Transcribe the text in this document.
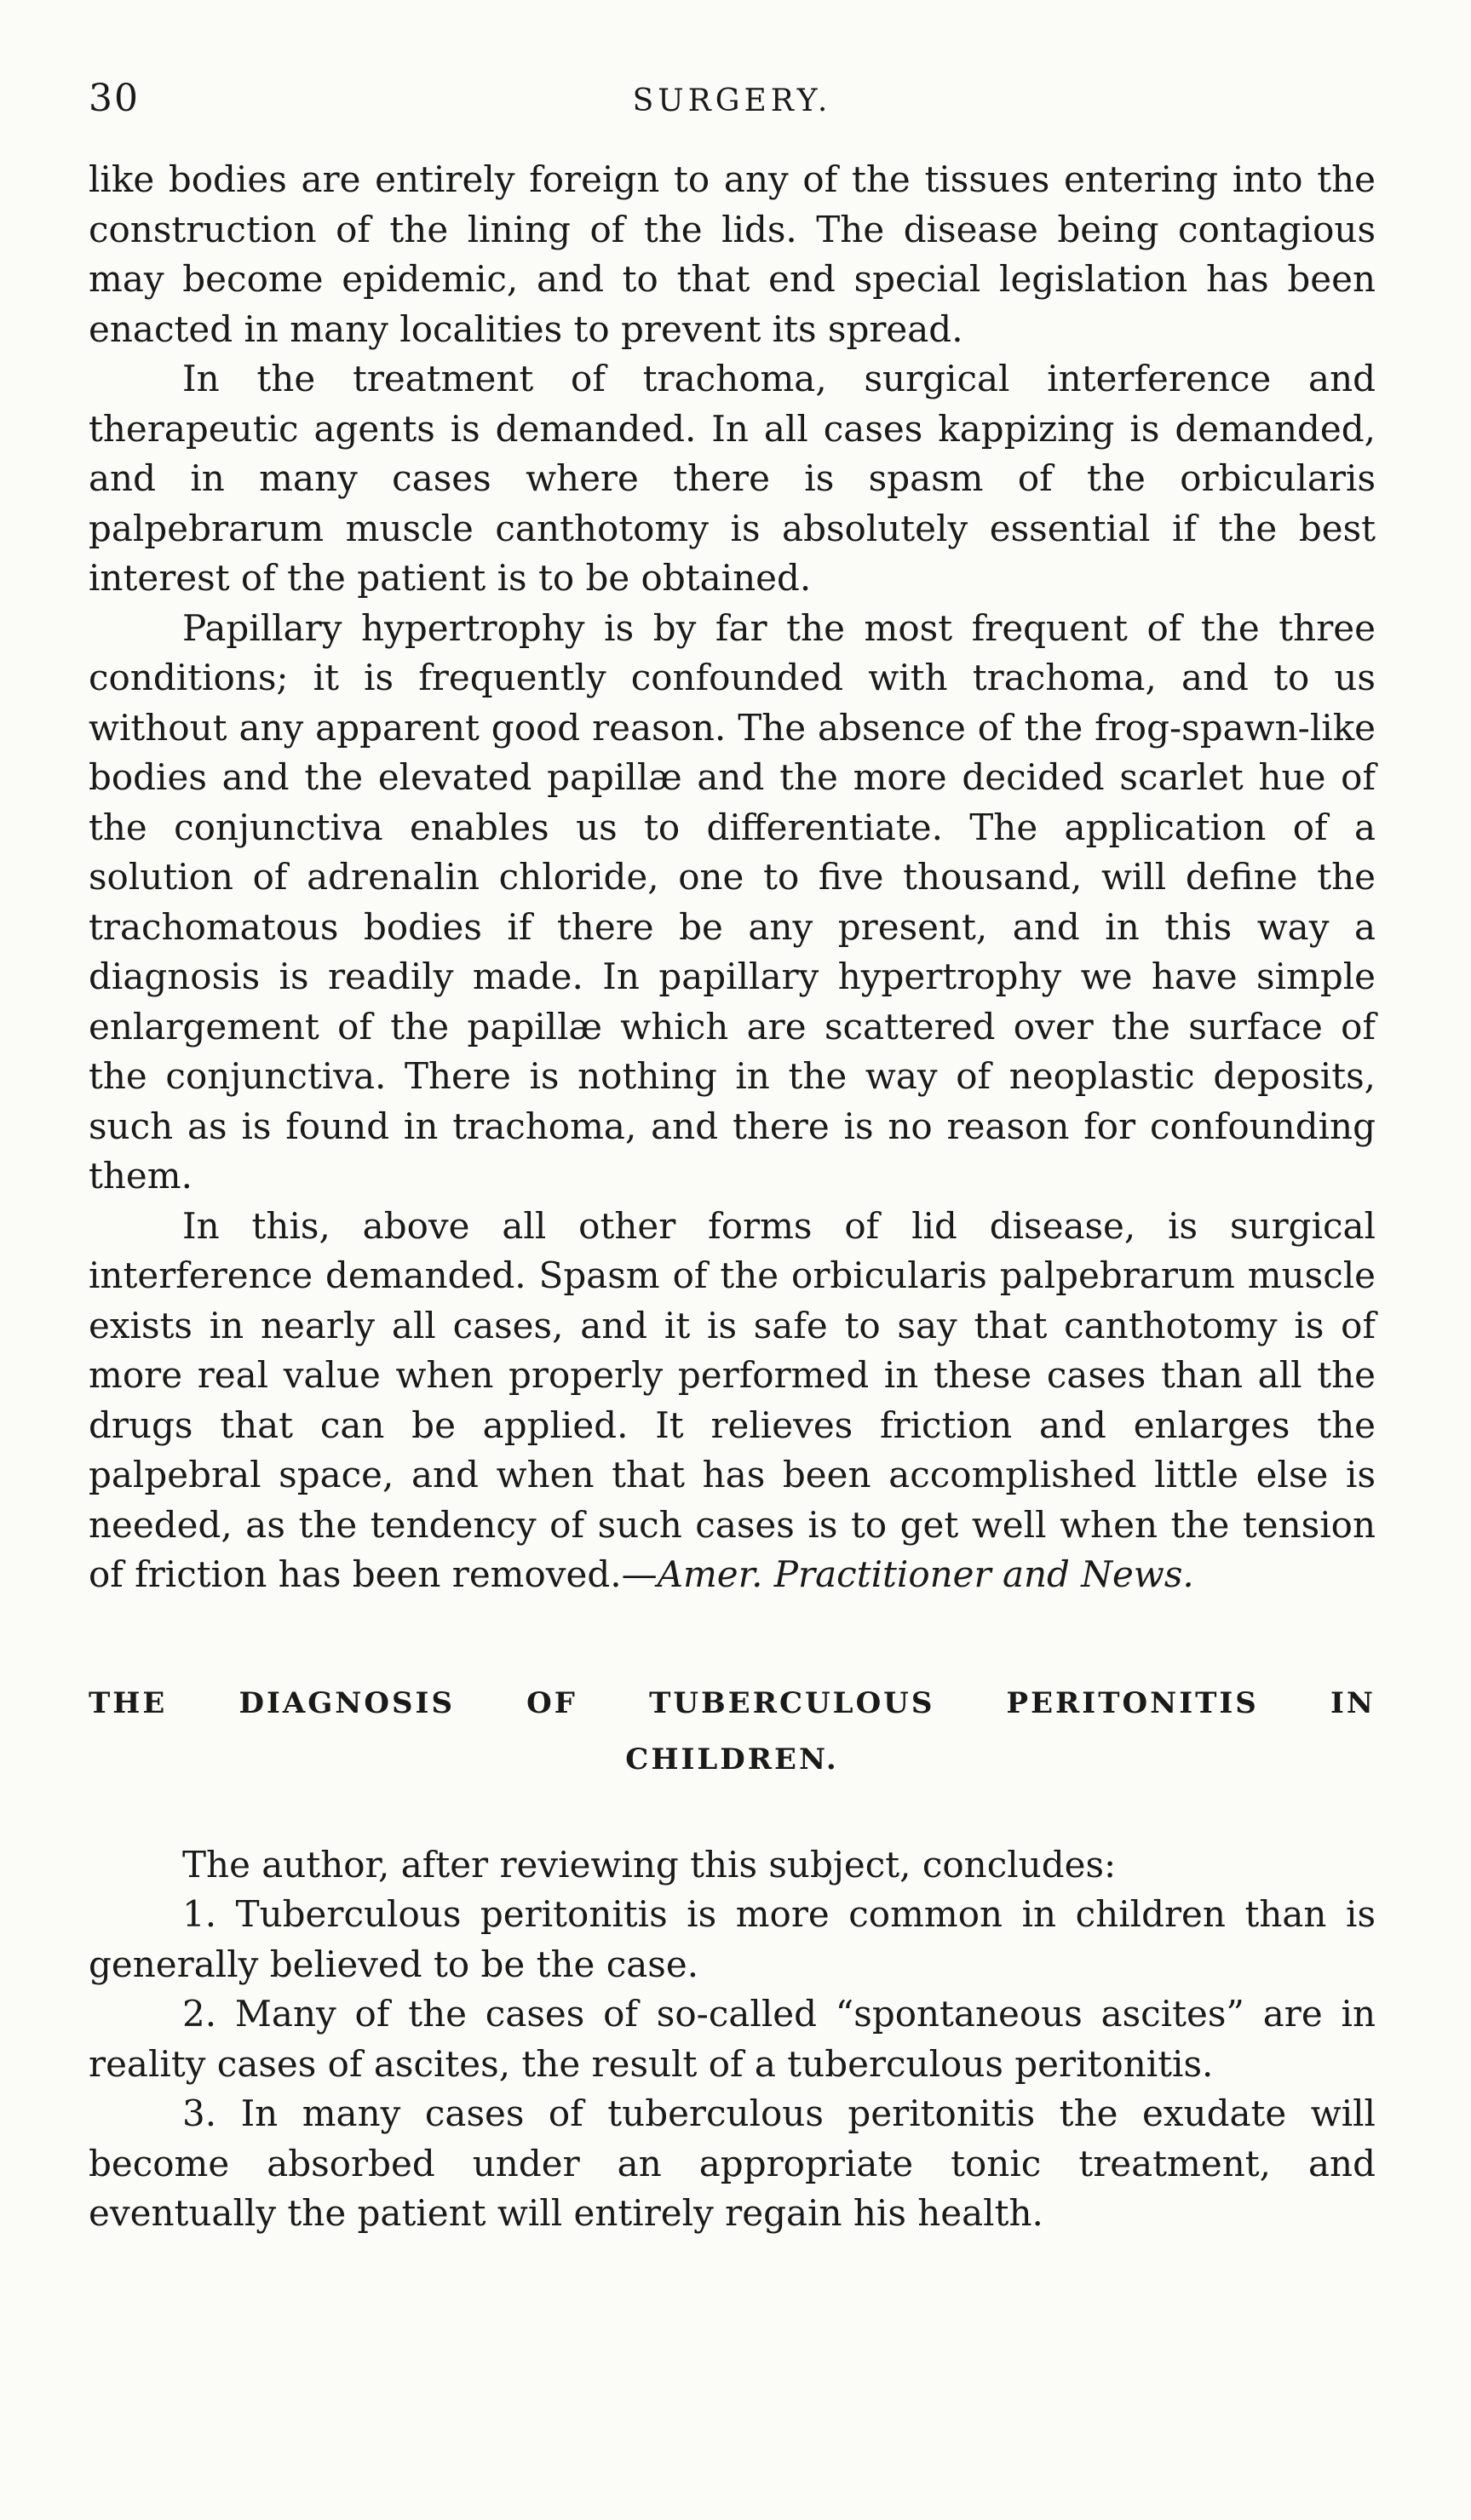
30	SURGERY.

like bodies are entirely foreign to any of the tissues entering into the construction of the lining of the lids. The disease being contagious may become epidemic, and to that end special legislation has been enacted in many localities to prevent its spread.

In the treatment of trachoma, surgical interference and therapeutic agents is demanded. In all cases kappizing is demanded, and in many cases where there is spasm of the orbicularis palpebrarum muscle canthotomy is absolutely essential if the best interest of the patient is to be obtained.

Papillary hypertrophy is by far the most frequent of the three conditions; it is frequently confounded with trachoma, and to us without any apparent good reason. The absence of the frog-spawn-like bodies and the elevated papillæ and the more decided scarlet hue of the conjunctiva enables us to differentiate. The application of a solution of adrenalin chloride, one to five thousand, will define the trachomatous bodies if there be any present, and in this way a diagnosis is readily made. In papillary hypertrophy we have simple enlargement of the papillæ which are scattered over the surface of the conjunctiva. There is nothing in the way of neoplastic deposits, such as is found in trachoma, and there is no reason for confounding them.

In this, above all other forms of lid disease, is surgical interference demanded. Spasm of the orbicularis palpebrarum muscle exists in nearly all cases, and it is safe to say that canthotomy is of more real value when properly performed in these cases than all the drugs that can be applied. It relieves friction and enlarges the palpebral space, and when that has been accomplished little else is needed, as the tendency of such cases is to get well when the tension of friction has been removed.—Amer. Practitioner and News.

THE DIAGNOSIS OF TUBERCULOUS PERITONITIS IN
CHILDREN.

The author, after reviewing this subject, concludes:

1. Tuberculous peritonitis is more common in children than is generally believed to be the case.

2. Many of the cases of so-called “spontaneous ascites” are in reality cases of ascites, the result of a tuberculous peritonitis.

3. In many cases of tuberculous peritonitis the exudate will become absorbed under an appropriate tonic treatment, and eventually the patient will entirely regain his health.
